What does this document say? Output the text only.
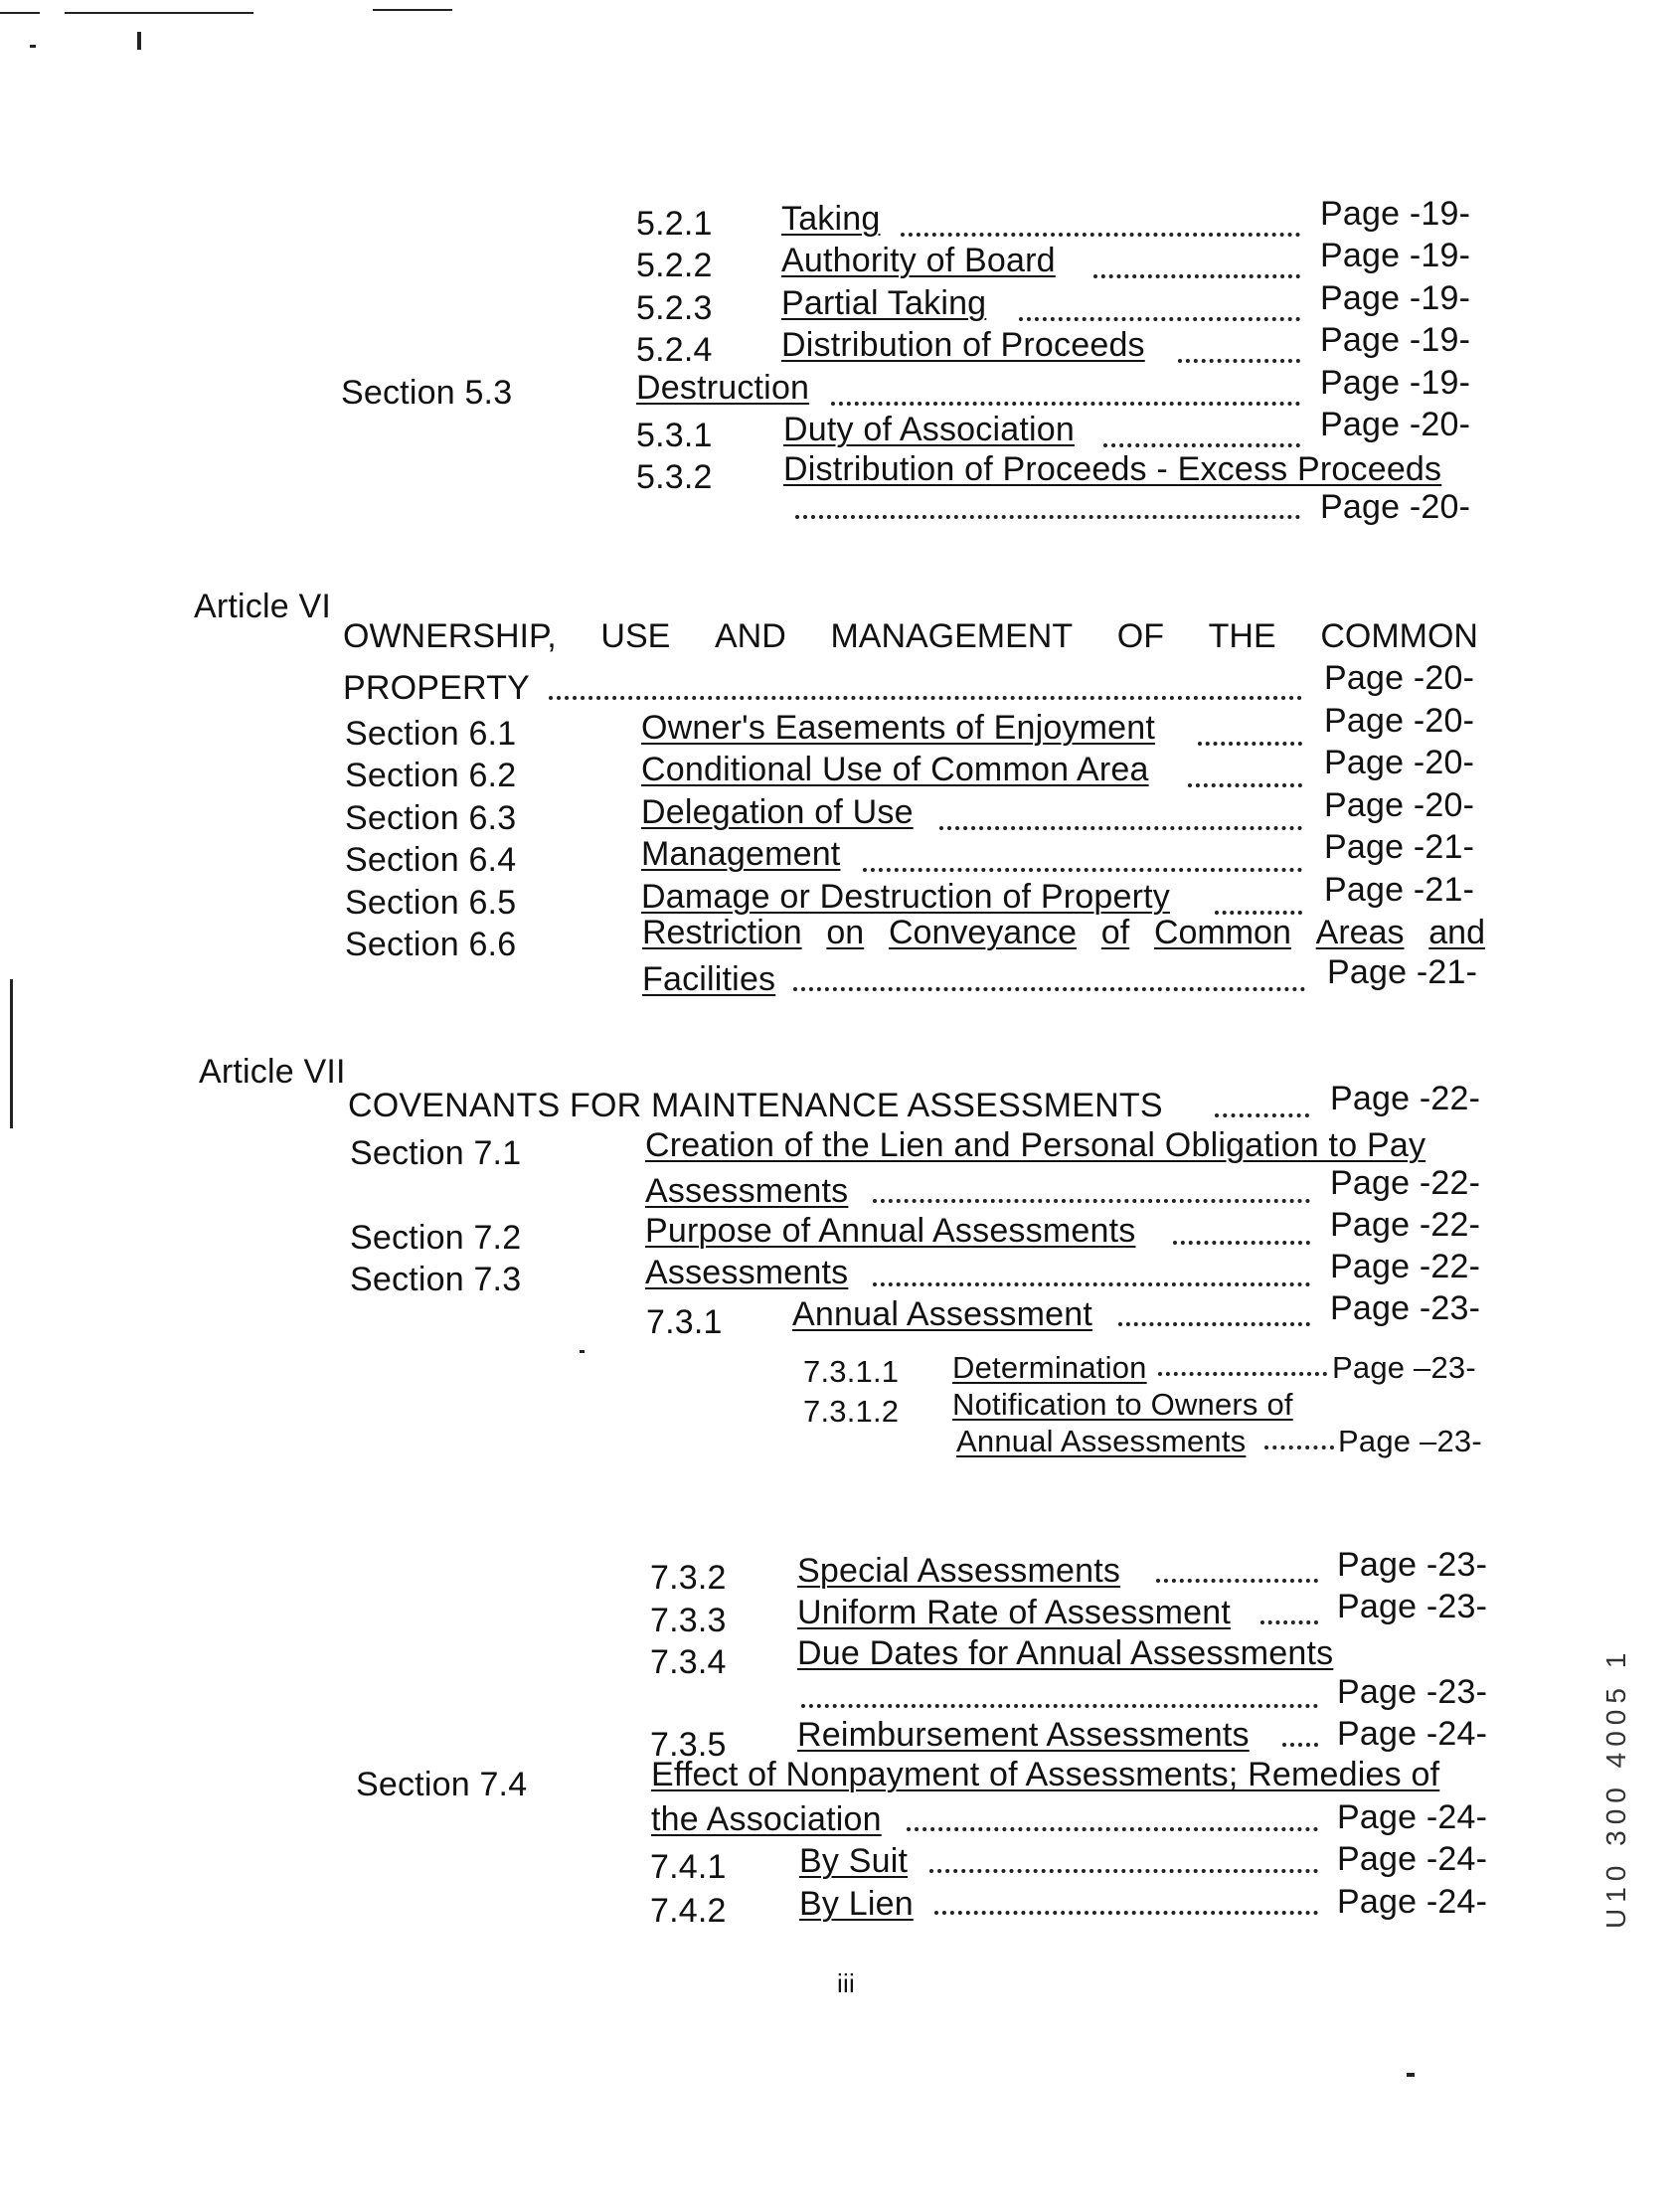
5.2.1 Taking	Page -19-
5.2.2 Authority of Board	Page -19-
5.2.3 Partial Taking	Page -19-
5.2.4 Distribution of Proceeds	Page -19-
Section 5.3	Destruction	Page -19-
5.3.1 Duty of Association	Page -20-
5.3.2 Distribution of Proceeds - Excess Proceeds
Page -20-
Article VI
OWNERSHIP, USE AND MANAGEMENT OF THE COMMON
PROPERTY	Page -20-
Section 6.1	Owner's Easements of Enjoyment	Page -20-
Section 6.2	Conditional Use of Common Area	Page -20-
Section 6.3	Delegation of Use	Page -20-
Section 6.4	Management	Page -21-
Section 6.5	Damage or Destruction of Property	Page -21-
Section 6.6	Restriction on Conveyance of Common Areas and
Facilities	Page -21-
Article VII
COVENANTS FOR MAINTENANCE ASSESSMENTS	Page -22-
Section 7.1	Creation of the Lien and Personal Obligation to Pay
Assessments	Page -22-
Section 7.2	Purpose of Annual Assessments	Page -22-
Section 7.3	Assessments	Page -22-
7.3.1 Annual Assessment	Page -23-
7.3.1.1 Determination	Page –23-
7.3.1.2 Notification to Owners of
Annual Assessments	Page –23-
7.3.2 Special Assessments	Page -23-
7.3.3 Uniform Rate of Assessment	Page -23-
7.3.4 Due Dates for Annual Assessments
Page -23-
7.3.5 Reimbursement Assessments	Page -24-
Section 7.4	Effect of Nonpayment of Assessments; Remedies of
the Association	Page -24-
7.4.1 By Suit	Page -24-
7.4.2 By Lien	Page -24-
iii
U10 300 4005 1
